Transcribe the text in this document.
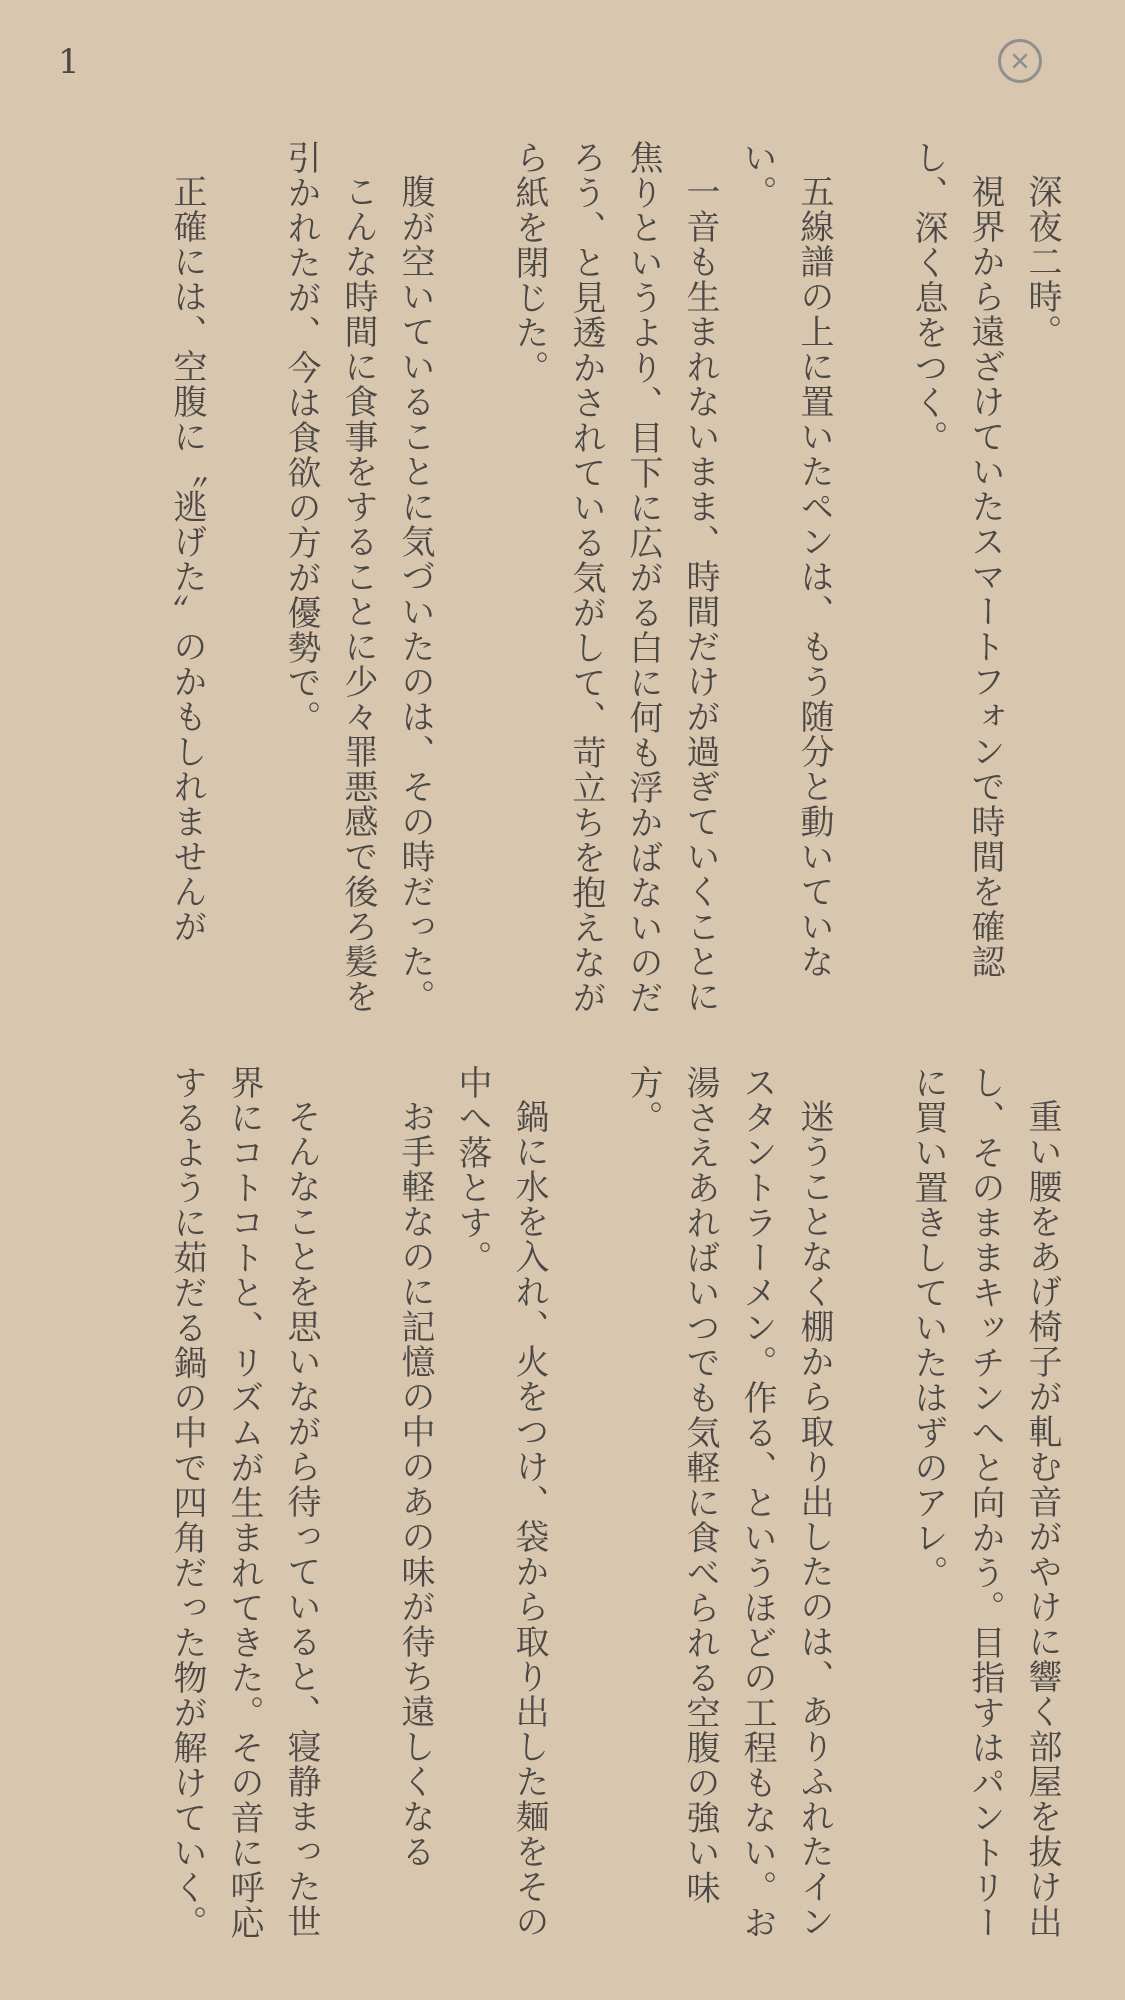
1

深夜二時。

視界から遠ざけていたスマートフォンで時間を確認し、深く息をつく。

五線譜の上に置いたペンは、もう随分と動いていない。

一音も生まれないまま、時間だけが過ぎていくことに焦りというより、目下に広がる白に何も浮かばないのだろう、と見透かされている気がして、苛立ちを抱えながら紙を閉じた。

腹が空いていることに気づいたのは、その時だった。

こんな時間に食事をすることに少々罪悪感で後ろ髪を引かれたが、今は食欲の方が優勢で。

正確には、空腹に〝逃げた〟のかもしれませんが

重い腰をあげ椅子が軋む音がやけに響く部屋を抜け出し、そのままキッチンへと向かう。目指すはパントリーに買い置きしていたはずのアレ。

迷うことなく棚から取り出したのは、ありふれたインスタントラーメン。作る、というほどの工程もない。お湯さえあればいつでも気軽に食べられる空腹の強い味方。

鍋に水を入れ、火をつけ、袋から取り出した麺をその中へ落とす。

お手軽なのに記憶の中のあの味が待ち遠しくなる

そんなことを思いながら待っていると、寝静まった世界にコトコトと、リズムが生まれてきた。その音に呼応するように茹だる鍋の中で四角だった物が解けていく。
